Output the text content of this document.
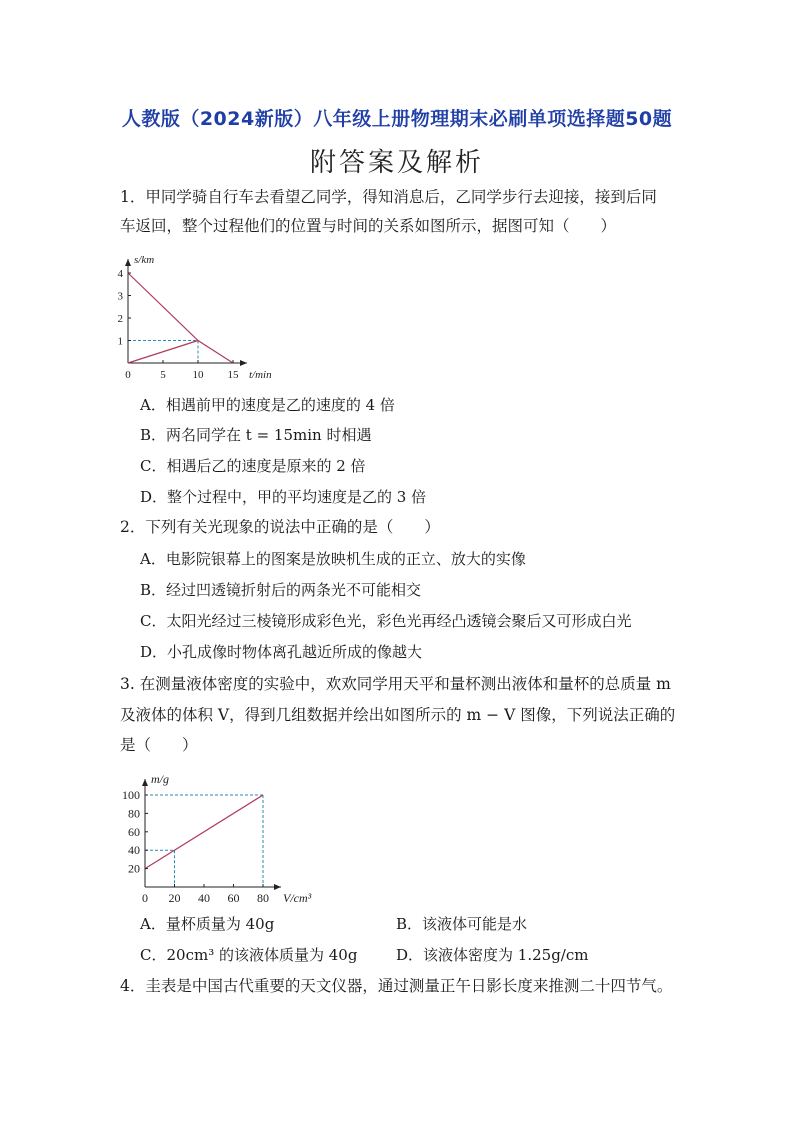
人教版（2024新版）八年级上册物理期末必刷单项选择题50题
附答案及解析
1．甲同学骑自行车去看望乙同学，得知消息后，乙同学步行去迎接，接到后同
车返回，整个过程他们的位置与时间的关系如图所示，据图可知（　　）
0	5 10 15
1
2
3
4
t/min
s/km
A．相遇前甲的速度是乙的速度的 4 倍
B．两名同学在 t = 15min 时相遇
C．相遇后乙的速度是原来的 2 倍
D．整个过程中，甲的平均速度是乙的 3 倍
2．下列有关光现象的说法中正确的是（　　）
A．电影院银幕上的图案是放映机生成的正立、放大的实像
B．经过凹透镜折射后的两条光不可能相交
C．太阳光经过三棱镜形成彩色光，彩色光再经凸透镜会聚后又可形成白光
D．小孔成像时物体离孔越近所成的像越大
3. 在测量液体密度的实验中，欢欢同学用天平和量杯测出液体和量杯的总质量 m
及液体的体积 V，得到几组数据并绘出如图所示的 m − V 图像，下列说法正确的
是（　　）
0 20 40 60 80
20
40
60
80
100
V/cm³
m/g
A．量杯质量为 40g	B．该液体可能是水
C．20cm³ 的该液体质量为 40g	D．该液体密度为 1.25g/cm
4．圭表是中国古代重要的天文仪器，通过测量正午日影长度来推测二十四节气。
